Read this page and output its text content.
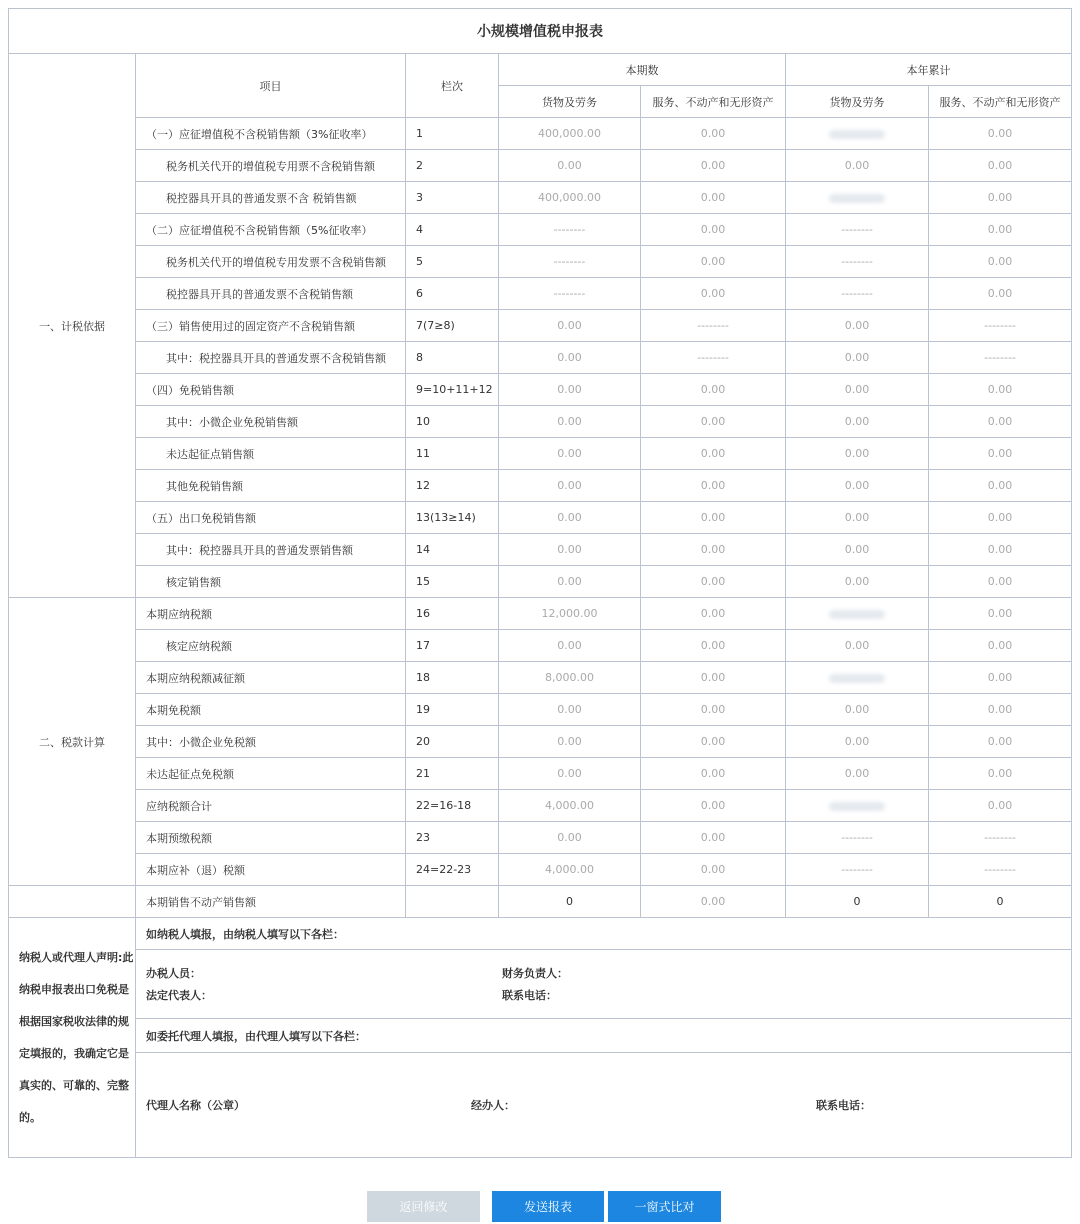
小规模增值税申报表						
一、计税依据	项目	栏次	本期数		本年累计	
			货物及劳务	服务、不动产和无形资产	货物及劳务	服务、不动产和无形资产
	（一）应征增值税不含税销售额（3%征收率）	1	400,000.00	0.00		0.00
	税务机关代开的增值税专用票不含税销售额	2	0.00	0.00	0.00	0.00
	税控器具开具的普通发票不含 税销售额	3	400,000.00	0.00		0.00
	（二）应征增值税不含税销售额（5%征收率）	4	--------	0.00	--------	0.00
	税务机关代开的增值税专用发票不含税销售额	5	--------	0.00	--------	0.00
	税控器具开具的普通发票不含税销售额	6	--------	0.00	--------	0.00
	（三）销售使用过的固定资产不含税销售额	7(7≥8)	0.00	--------	0.00	--------
	其中：税控器具开具的普通发票不含税销售额	8	0.00	--------	0.00	--------
	（四）免税销售额	9=10+11+12	0.00	0.00	0.00	0.00
	其中：小微企业免税销售额	10	0.00	0.00	0.00	0.00
	未达起征点销售额	11	0.00	0.00	0.00	0.00
	其他免税销售额	12	0.00	0.00	0.00	0.00
	（五）出口免税销售额	13(13≥14)	0.00	0.00	0.00	0.00
	其中：税控器具开具的普通发票销售额	14	0.00	0.00	0.00	0.00
	核定销售额	15	0.00	0.00	0.00	0.00
二、税款计算	本期应纳税额	16	12,000.00	0.00		0.00
	核定应纳税额	17	0.00	0.00	0.00	0.00
	本期应纳税额减征额	18	8,000.00	0.00		0.00
	本期免税额	19	0.00	0.00	0.00	0.00
	其中：小微企业免税额	20	0.00	0.00	0.00	0.00
	未达起征点免税额	21	0.00	0.00	0.00	0.00
	应纳税额合计	22=16-18	4,000.00	0.00		0.00
	本期预缴税额	23	0.00	0.00	--------	--------
	本期应补（退）税额	24=22-23	4,000.00	0.00	--------	--------
	本期销售不动产销售额		0	0.00	0	0
纳税人或代理人声明:此纳税申报表出口免税是根据国家税收法律的规定填报的，我确定它是真实的、可靠的、完整的。	如纳税人填报，由纳税人填写以下各栏：

办税人员：	财务负责人：
法定代表人：	联系电话：

如委托代理人填报，由代理人填写以下各栏：

代理人名称（公章）	经办人：	联系电话：
返回修改	发送报表	一窗式比对
